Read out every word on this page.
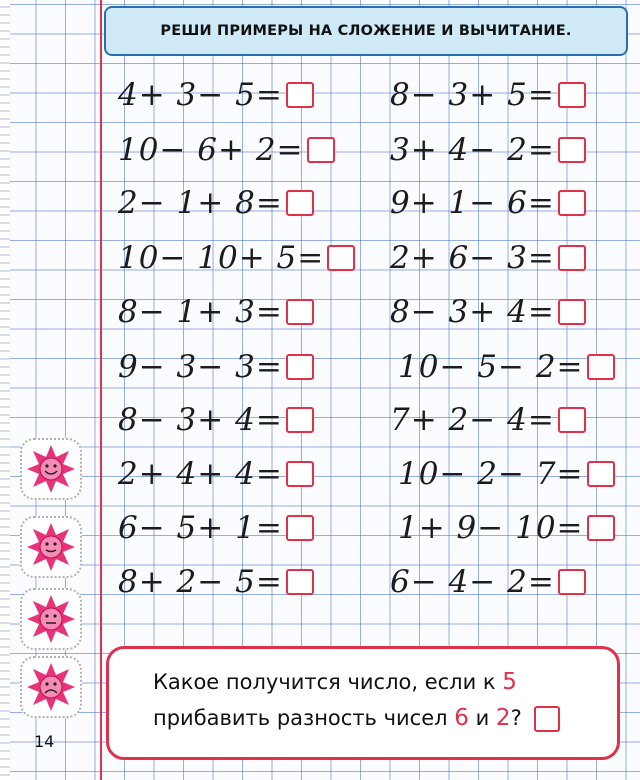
РЕШИ ПРИМЕРЫ НА СЛОЖЕНИЕ И ВЫЧИТАНИЕ.
4+ 3− 5=
10− 6+ 2=
2− 1+ 8=
10− 10+ 5=
8− 1+ 3=
9− 3− 3=
8− 3+ 4=
2+ 4+ 4=
6− 5+ 1=
8+ 2− 5=
8− 3+ 5=
3+ 4− 2=
9+ 1− 6=
2+ 6− 3=
8− 3+ 4=
10− 5− 2=
7+ 2− 4=
10− 2− 7=
1+ 9− 10=
6− 4− 2=
14
Какое получится число, если к 5
прибавить разность чисел 6 и 2?
